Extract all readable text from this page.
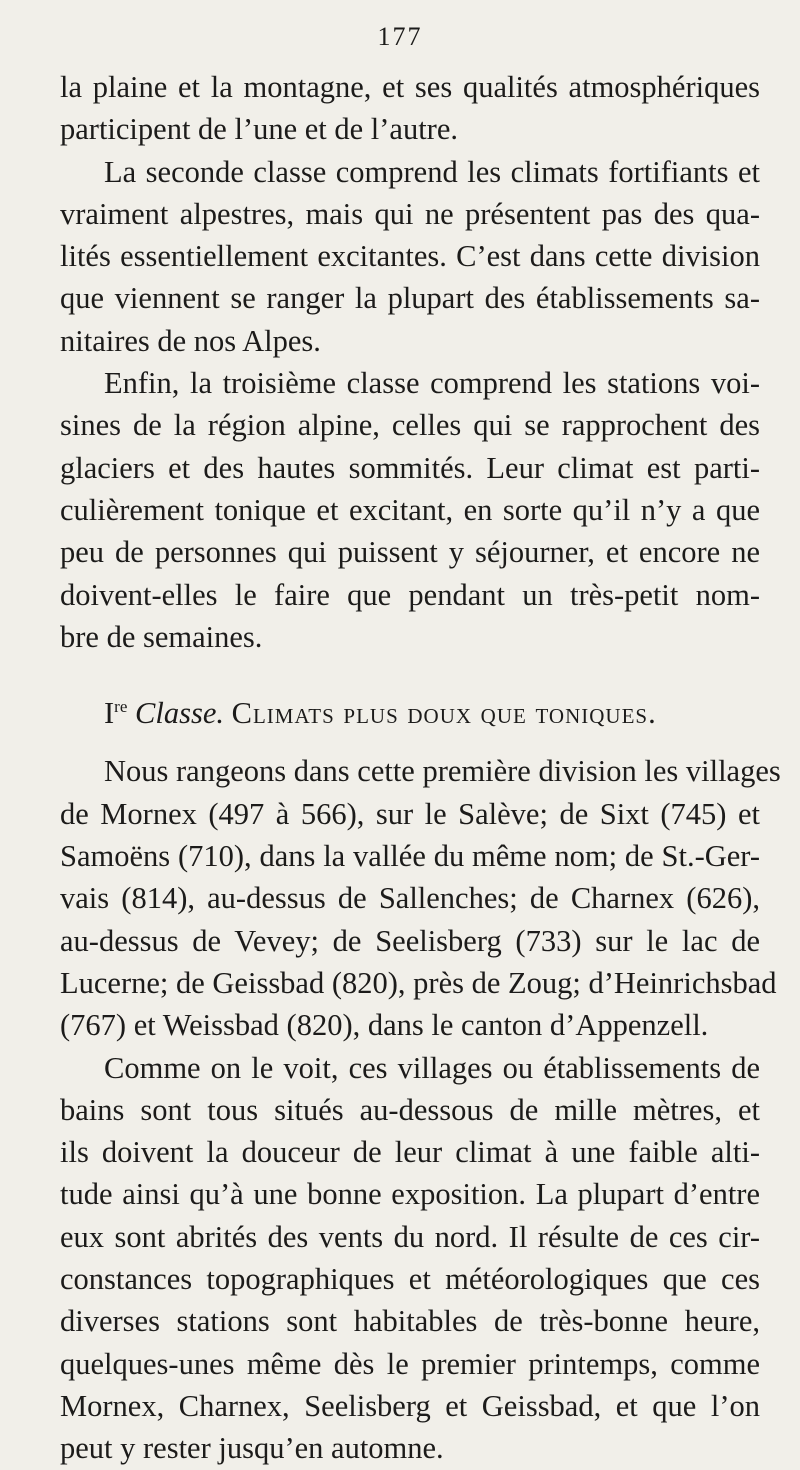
177
la plaine et la montagne, et ses qualités atmosphériques
participent de l’une et de l’autre.
La seconde classe comprend les climats fortifiants et
vraiment alpestres, mais qui ne présentent pas des qua-
lités essentiellement excitantes. C’est dans cette division
que viennent se ranger la plupart des établissements sa-
nitaires de nos Alpes.
Enfin, la troisième classe comprend les stations voi-
sines de la région alpine, celles qui se rapprochent des
glaciers et des hautes sommités. Leur climat est parti-
culièrement tonique et excitant, en sorte qu’il n’y a que
peu de personnes qui puissent y séjourner, et encore ne
doivent-elles le faire que pendant un très-petit nom-
bre de semaines.
Ire Classe. Climats plus doux que toniques.
Nous rangeons dans cette première division les villages
de Mornex (497 à 566), sur le Salève; de Sixt (745) et
Samoëns (710), dans la vallée du même nom; de St.-Ger-
vais (814), au-dessus de Sallenches; de Charnex (626),
au-dessus de Vevey; de Seelisberg (733) sur le lac de
Lucerne; de Geissbad (820), près de Zoug; d’Heinrichsbad
(767) et Weissbad (820), dans le canton d’Appenzell.
Comme on le voit, ces villages ou établissements de
bains sont tous situés au-dessous de mille mètres, et
ils doivent la douceur de leur climat à une faible alti-
tude ainsi qu’à une bonne exposition. La plupart d’entre
eux sont abrités des vents du nord. Il résulte de ces cir-
constances topographiques et météorologiques que ces
diverses stations sont habitables de très-bonne heure,
quelques-unes même dès le premier printemps, comme
Mornex, Charnex, Seelisberg et Geissbad, et que l’on
peut y rester jusqu’en automne.
